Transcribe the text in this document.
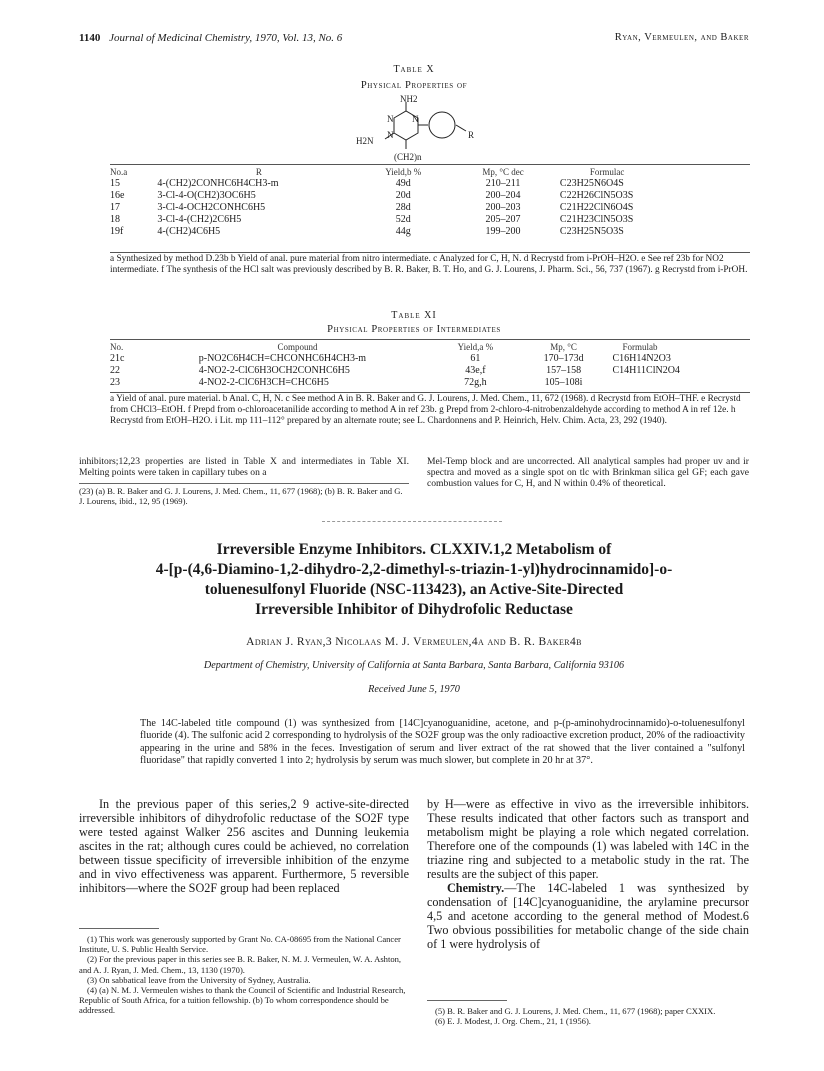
1140 Journal of Medicinal Chemistry, 1970, Vol. 13, No. 6	Ryan, Vermeulen, and Baker
Table X
Physical Properties of
NH2
N N
N
H2N
(CH2)n
R
No.a	R	Yield,b %	Mp, °C dec	Formulac
15	4-(CH2)2CONHC6H4CH3-m	49d	210–211	C23H25N6O4S
16e	3-Cl-4-O(CH2)3OC6H5	20d	200–204	C22H26ClN5O3S
17	3-Cl-4-OCH2CONHC6H5	28d	200–203	C21H22ClN6O4S
18	3-Cl-4-(CH2)2C6H5	52d	205–207	C21H23ClN5O3S
19f	4-(CH2)4C6H5	44g	199–200	C23H25N5O3S
a Synthesized by method D.23b b Yield of anal. pure material from nitro intermediate. c Analyzed for C, H, N. d Recrystd from i-PrOH–H2O. e See ref 23b for NO2 intermediate. f The synthesis of the HCl salt was previously described by B. R. Baker, B. T. Ho, and G. J. Lourens, J. Pharm. Sci., 56, 737 (1967). g Recrystd from i-PrOH.
Table XI
Physical Properties of Intermediates
No.	Compound	Yield,a %	Mp, °C	Formulab
21c	p-NO2C6H4CH=CHCONHC6H4CH3-m	61	170–173d	C16H14N2O3
22	4-NO2-2-ClC6H3OCH2CONHC6H5	43e,f	157–158	C14H11ClN2O4
23	4-NO2-2-ClC6H3CH=CHC6H5	72g,h	105–108i	
a Yield of anal. pure material. b Anal. C, H, N. c See method A in B. R. Baker and G. J. Lourens, J. Med. Chem., 11, 672 (1968). d Recrystd from EtOH–THF. e Recrystd from CHCl3–EtOH. f Prepd from o-chloroacetanilide according to method A in ref 23b. g Prepd from 2-chloro-4-nitrobenzaldehyde according to method A in ref 12e. h Recrystd from EtOH–H2O. i Lit. mp 111–112° prepared by an alternate route; see L. Chardonnens and P. Heinrich, Helv. Chim. Acta, 23, 292 (1940).
inhibitors;12,23 properties are listed in Table X and intermediates in Table XI. Melting points were taken in capillary tubes on a
(23) (a) B. R. Baker and G. J. Lourens, J. Med. Chem., 11, 677 (1968); (b) B. R. Baker and G. J. Lourens, ibid., 12, 95 (1969).
Mel-Temp block and are uncorrected. All analytical samples had proper uv and ir spectra and moved as a single spot on tlc with Brinkman silica gel GF; each gave combustion values for C, H, and N within 0.4% of theoretical.
Irreversible Enzyme Inhibitors. CLXXIV.1,2 Metabolism of
4-[p-(4,6-Diamino-1,2-dihydro-2,2-dimethyl-s-triazin-1-yl)hydrocinnamido]-o-
toluenesulfonyl Fluoride (NSC-113423), an Active-Site-Directed
Irreversible Inhibitor of Dihydrofolic Reductase
Adrian J. Ryan,3 Nicolaas M. J. Vermeulen,4a and B. R. Baker4b
Department of Chemistry, University of California at Santa Barbara, Santa Barbara, California 93106
Received June 5, 1970
The 14C-labeled title compound (1) was synthesized from [14C]cyanoguanidine, acetone, and p-(p-aminohydrocinnamido)-o-toluenesulfonyl fluoride (4). The sulfonic acid 2 corresponding to hydrolysis of the SO2F group was the only radioactive excretion product, 20% of the radioactivity appearing in the urine and 58% in the feces. Investigation of serum and liver extract of the rat showed that the liver contained a "sulfonyl fluoridase" that rapidly converted 1 into 2; hydrolysis by serum was much slower, but complete in 20 hr at 37°.

In the previous paper of this series,2 9 active-site-directed irreversible inhibitors of dihydrofolic reductase of the SO2F type were tested against Walker 256 ascites and Dunning leukemia ascites in the rat; although cures could be achieved, no correlation between tissue specificity of irreversible inhibition of the enzyme and in vivo effectiveness was apparent. Furthermore, 5 reversible inhibitors—where the SO2F group had been replaced

by H—were as effective in vivo as the irreversible inhibitors. These results indicated that other factors such as transport and metabolism might be playing a role which negated correlation. Therefore one of the compounds (1) was labeled with 14C in the triazine ring and subjected to a metabolic study in the rat. The results are the subject of this paper.

Chemistry.—The 14C-labeled 1 was synthesized by condensation of [14C]cyanoguanidine, the arylamine precursor 4,5 and acetone according to the general method of Modest.6 Two obvious possibilities for metabolic change of the side chain of 1 were hydrolysis of

(1) This work was generously supported by Grant No. CA-08695 from the National Cancer Institute, U. S. Public Health Service.

(2) For the previous paper in this series see B. R. Baker, N. M. J. Vermeulen, W. A. Ashton, and A. J. Ryan, J. Med. Chem., 13, 1130 (1970).

(3) On sabbatical leave from the University of Sydney, Australia.

(4) (a) N. M. J. Vermeulen wishes to thank the Council of Scientific and Industrial Research, Republic of South Africa, for a tuition fellowship. (b) To whom correspondence should be addressed.	(5) B. R. Baker and G. J. Lourens, J. Med. Chem., 11, 677 (1968); paper CXXIX.

(6) E. J. Modest, J. Org. Chem., 21, 1 (1956).
